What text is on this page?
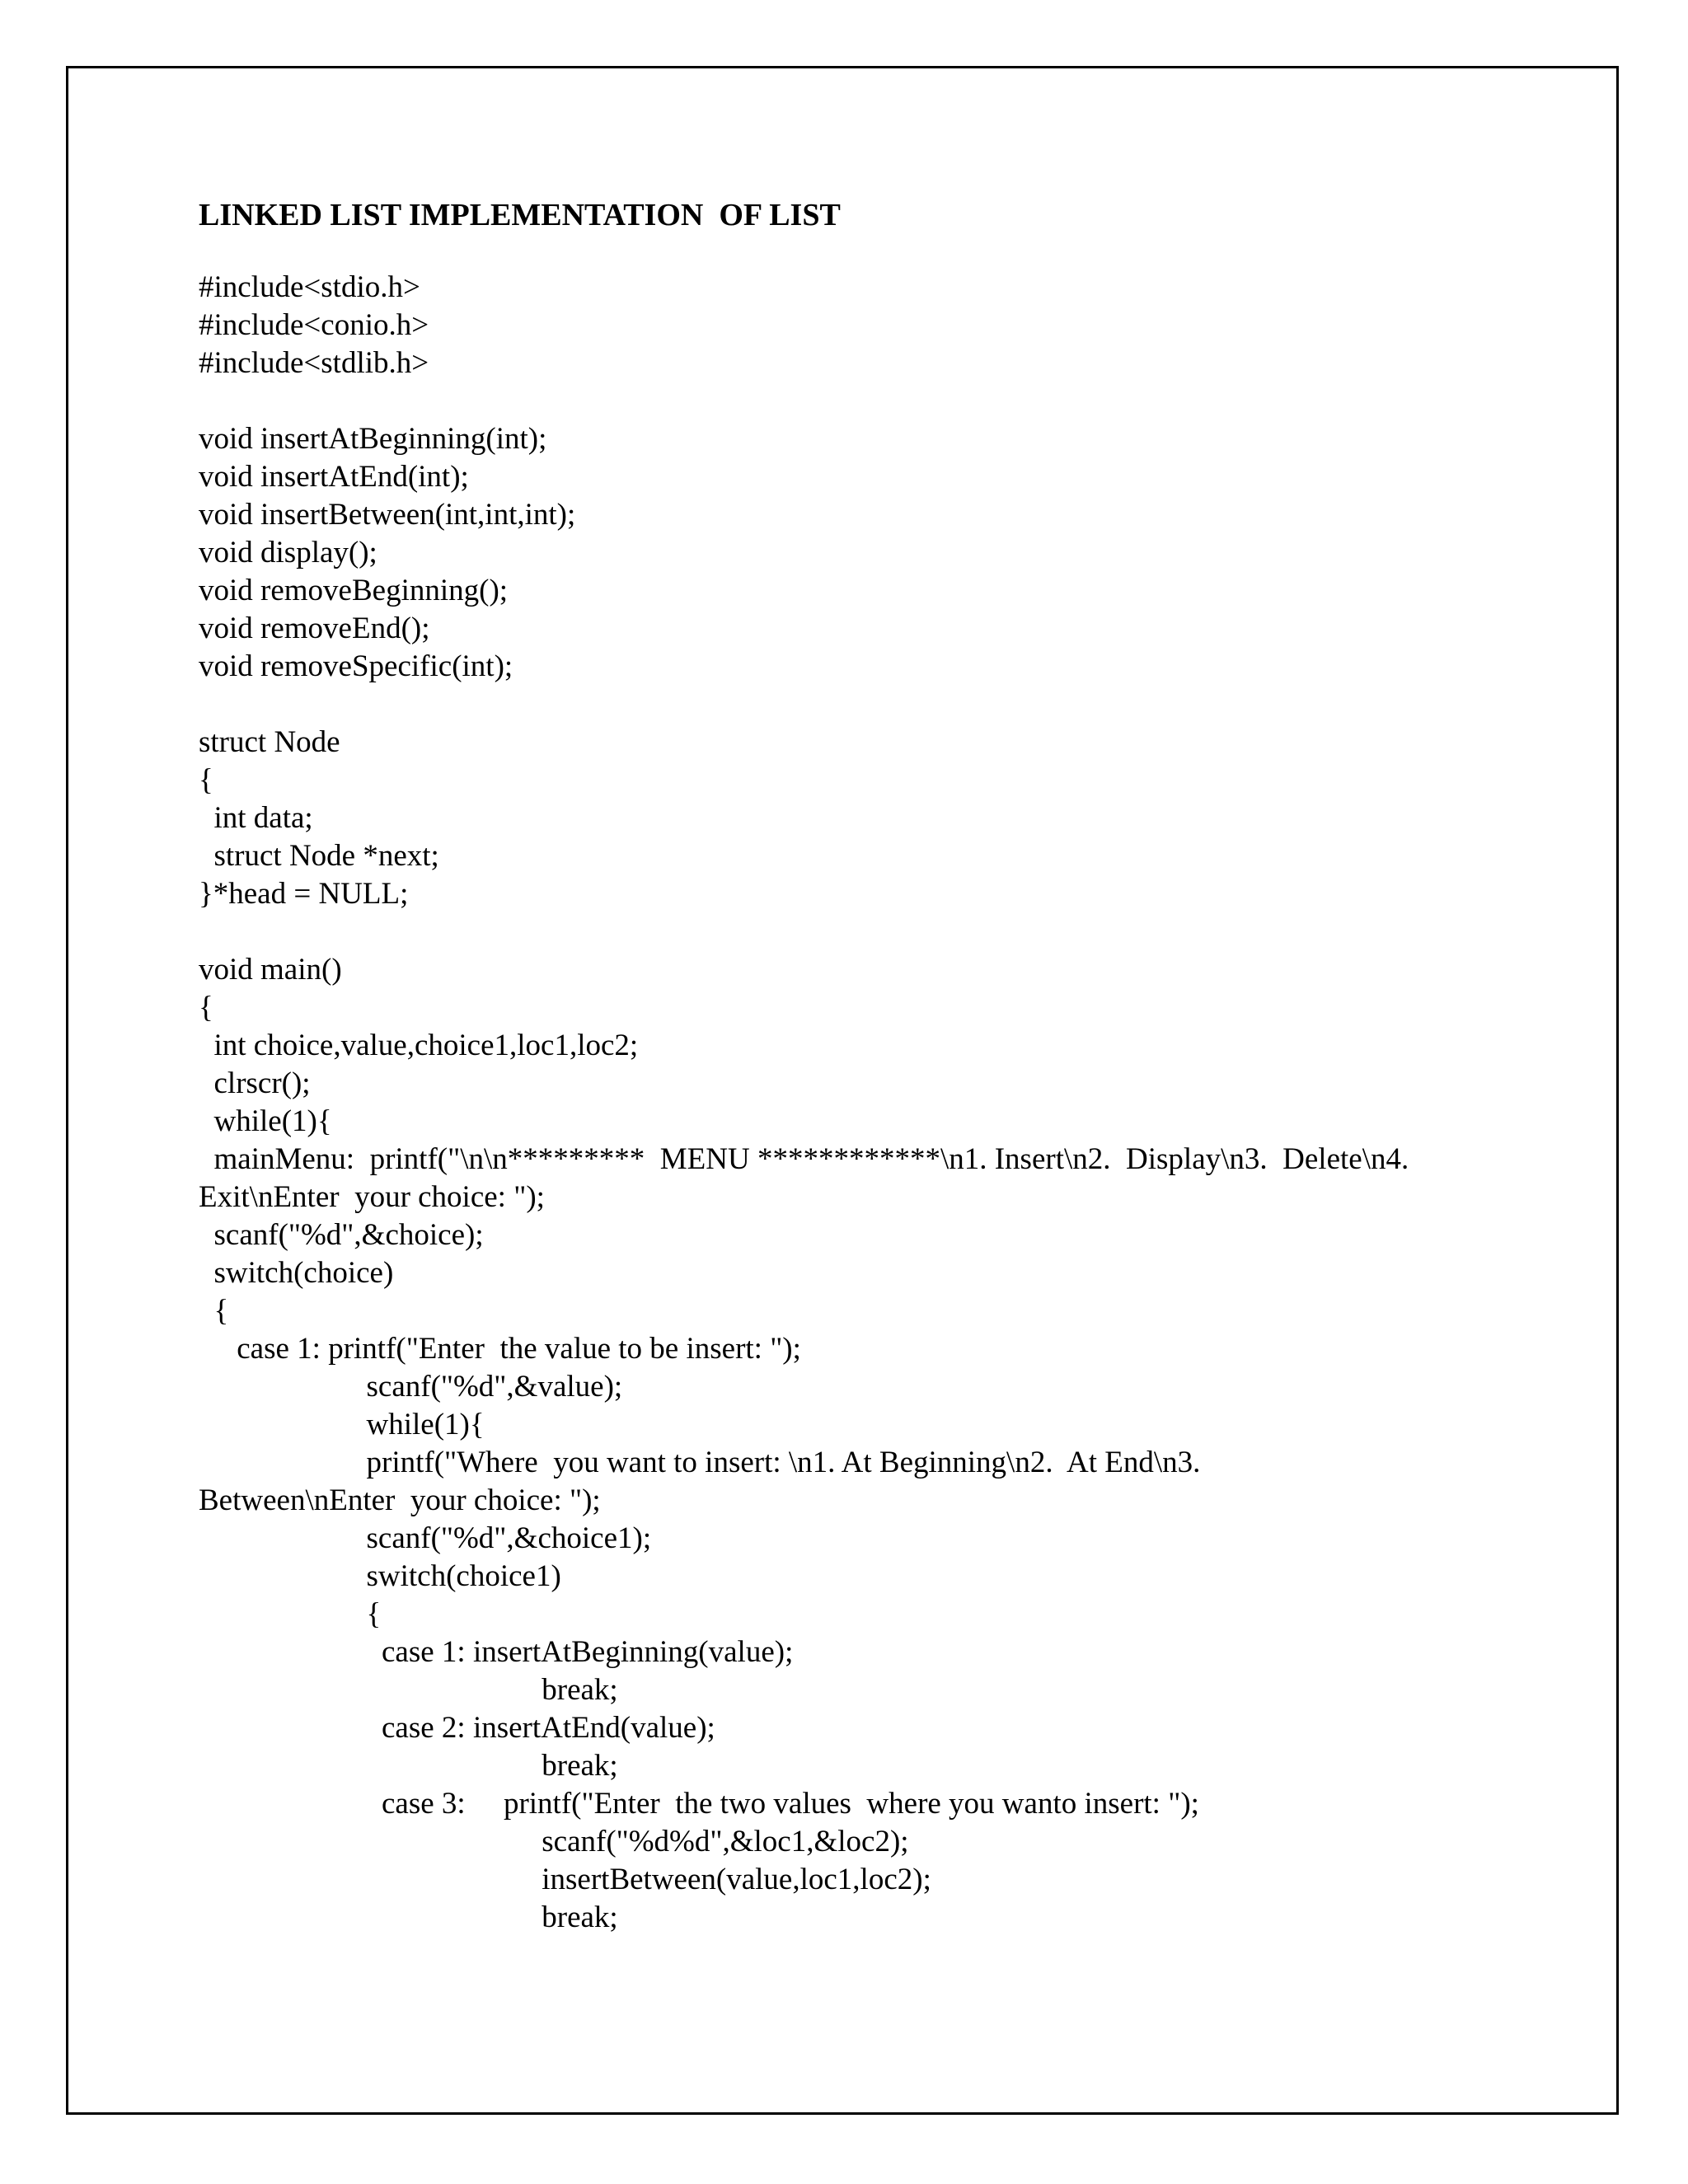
LINKED LIST IMPLEMENTATION  OF LIST
#include<stdio.h>
#include<conio.h>
#include<stdlib.h>
void insertAtBeginning(int);
void insertAtEnd(int);
void insertBetween(int,int,int);
void display();
void removeBeginning();
void removeEnd();
void removeSpecific(int);
struct Node
{
int data;
struct Node *next;
}*head = NULL;
void main()
{
int choice,value,choice1,loc1,loc2;
clrscr();
while(1){
mainMenu:  printf("\n\n*********  MENU ************\n1. Insert\n2.  Display\n3.  Delete\n4.
Exit\nEnter  your choice: ");
scanf("%d",&choice);
switch(choice)
{
case 1: printf("Enter  the value to be insert: ");
scanf("%d",&value);
while(1){
printf("Where  you want to insert: \n1. At Beginning\n2.  At End\n3.
Between\nEnter  your choice: ");
scanf("%d",&choice1);
switch(choice1)
{
case 1: insertAtBeginning(value);
break;
case 2: insertAtEnd(value);
break;
case 3:     printf("Enter  the two values  where you wanto insert: ");
scanf("%d%d",&loc1,&loc2);
insertBetween(value,loc1,loc2);
break;
